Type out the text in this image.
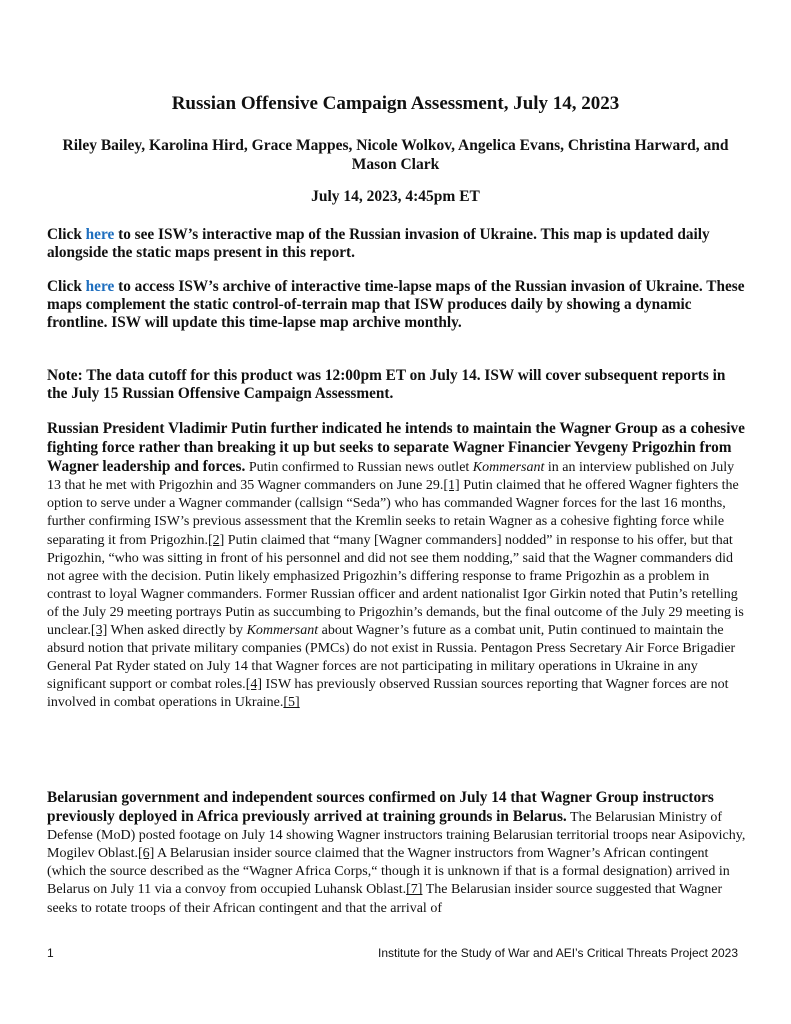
Russian Offensive Campaign Assessment, July 14, 2023

Riley Bailey, Karolina Hird, Grace Mappes, Nicole Wolkov, Angelica Evans, Christina Harward, and Mason Clark

July 14, 2023, 4:45pm ET

Click here to see ISW’s interactive map of the Russian invasion of Ukraine. This map is updated daily alongside the static maps present in this report.

Click here to access ISW’s archive of interactive time-lapse maps of the Russian invasion of Ukraine. These maps complement the static control-of-terrain map that ISW produces daily by showing a dynamic frontline. ISW will update this time-lapse map archive monthly.

Note: The data cutoff for this product was 12:00pm ET on July 14. ISW will cover subsequent reports in the July 15 Russian Offensive Campaign Assessment.

Russian President Vladimir Putin further indicated he intends to maintain the Wagner Group as a cohesive fighting force rather than breaking it up but seeks to separate Wagner Financier Yevgeny Prigozhin from Wagner leadership and forces. Putin confirmed to Russian news outlet Kommersant in an interview published on July 13 that he met with Prigozhin and 35 Wagner commanders on June 29.[1] Putin claimed that he offered Wagner fighters the option to serve under a Wagner commander (callsign “Seda”) who has commanded Wagner forces for the last 16 months, further confirming ISW’s previous assessment that the Kremlin seeks to retain Wagner as a cohesive fighting force while separating it from Prigozhin.[2] Putin claimed that “many [Wagner commanders] nodded” in response to his offer, but that Prigozhin, “who was sitting in front of his personnel and did not see them nodding,” said that the Wagner commanders did not agree with the decision. Putin likely emphasized Prigozhin’s differing response to frame Prigozhin as a problem in contrast to loyal Wagner commanders. Former Russian officer and ardent nationalist Igor Girkin noted that Putin’s retelling of the July 29 meeting portrays Putin as succumbing to Prigozhin’s demands, but the final outcome of the July 29 meeting is unclear.[3] When asked directly by Kommersant about Wagner’s future as a combat unit, Putin continued to maintain the absurd notion that private military companies (PMCs) do not exist in Russia. Pentagon Press Secretary Air Force Brigadier General Pat Ryder stated on July 14 that Wagner forces are not participating in military operations in Ukraine in any significant support or combat roles.[4] ISW has previously observed Russian sources reporting that Wagner forces are not involved in combat operations in Ukraine.[5]

Belarusian government and independent sources confirmed on July 14 that Wagner Group instructors previously deployed in Africa previously arrived at training grounds in Belarus. The Belarusian Ministry of Defense (MoD) posted footage on July 14 showing Wagner instructors training Belarusian territorial troops near Asipovichy, Mogilev Oblast.[6] A Belarusian insider source claimed that the Wagner instructors from Wagner’s African contingent (which the source described as the “Wagner Africa Corps,“ though it is unknown if that is a formal designation) arrived in Belarus on July 11 via a convoy from occupied Luhansk Oblast.[7] The Belarusian insider source suggested that Wagner seeks to rotate troops of their African contingent and that the arrival of

1	Institute for the Study of War and AEI’s Critical Threats Project 2023
